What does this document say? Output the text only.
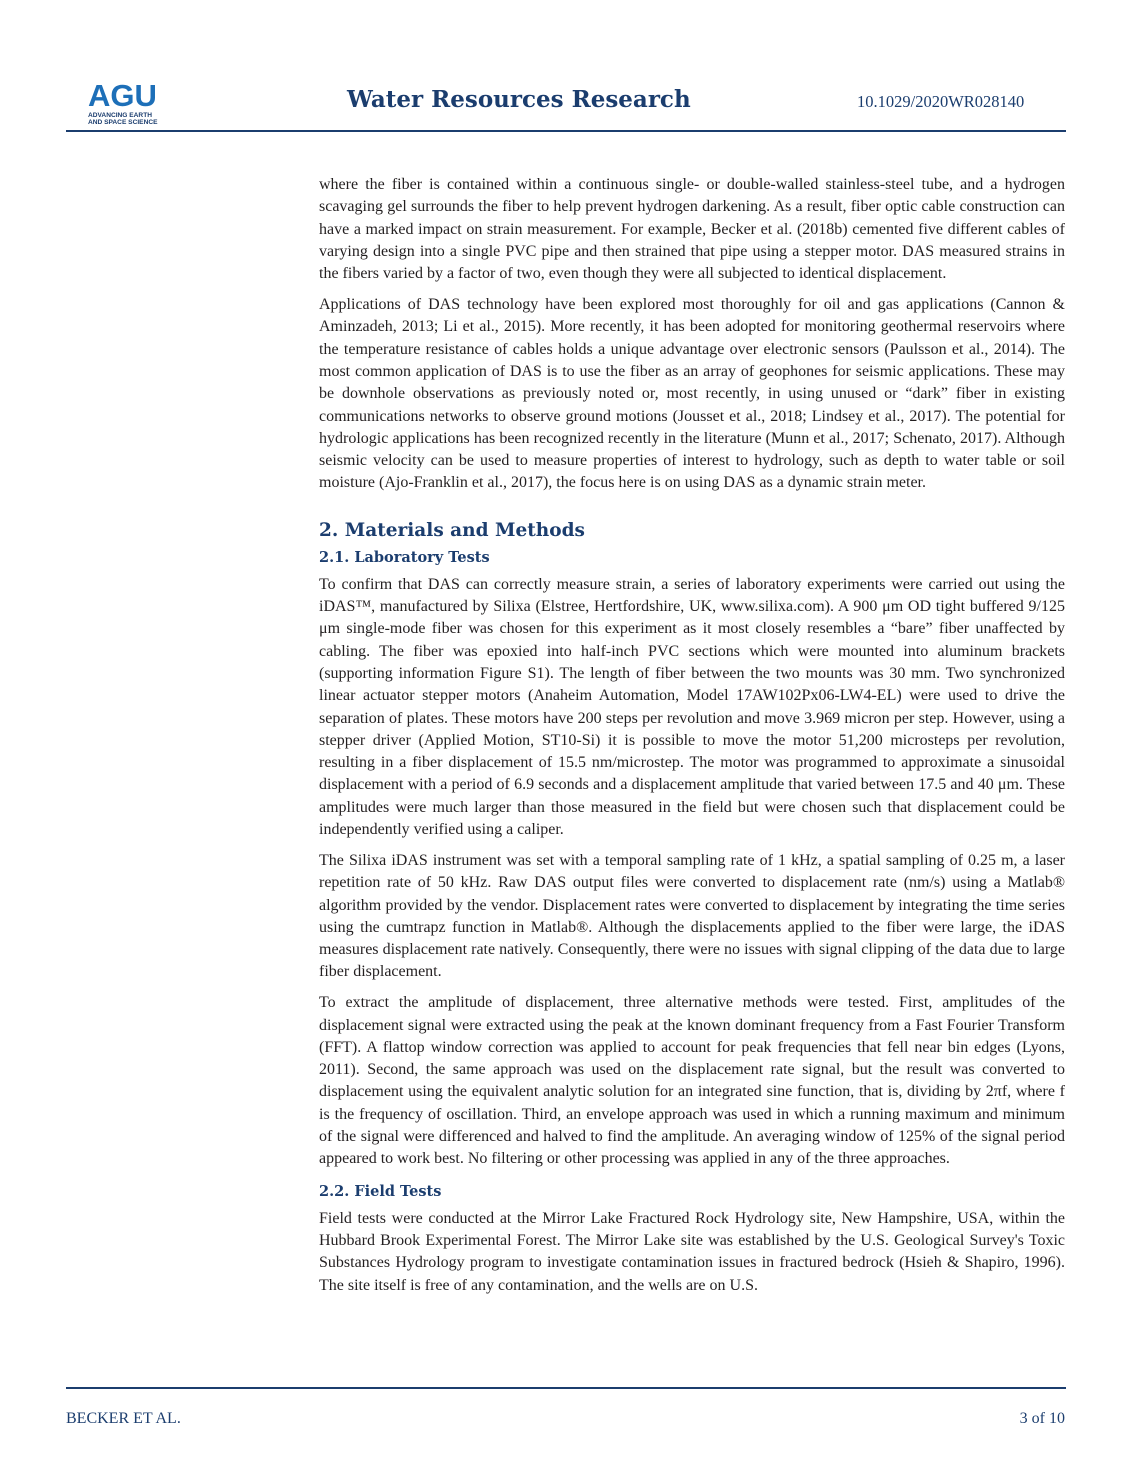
AGU
ADVANCING EARTH
AND SPACE SCIENCE
Water Resources Research	10.1029/2020WR028140

where the fiber is contained within a continuous single- or double-walled stainless-steel tube, and a hydrogen scavaging gel surrounds the fiber to help prevent hydrogen darkening. As a result, fiber optic cable construction can have a marked impact on strain measurement. For example, Becker et al. (2018b) cemented five different cables of varying design into a single PVC pipe and then strained that pipe using a stepper motor. DAS measured strains in the fibers varied by a factor of two, even though they were all subjected to identical displacement.

Applications of DAS technology have been explored most thoroughly for oil and gas applications (Cannon & Aminzadeh, 2013; Li et al., 2015). More recently, it has been adopted for monitoring geothermal reservoirs where the temperature resistance of cables holds a unique advantage over electronic sensors (Paulsson et al., 2014). The most common application of DAS is to use the fiber as an array of geophones for seismic applications. These may be downhole observations as previously noted or, most recently, in using unused or “dark” fiber in existing communications networks to observe ground motions (Jousset et al., 2018; Lindsey et al., 2017). The potential for hydrologic applications has been recognized recently in the literature (Munn et al., 2017; Schenato, 2017). Although seismic velocity can be used to measure properties of interest to hydrology, such as depth to water table or soil moisture (Ajo-Franklin et al., 2017), the focus here is on using DAS as a dynamic strain meter.

2. Materials and Methods
2.1. Laboratory Tests

To confirm that DAS can correctly measure strain, a series of laboratory experiments were carried out using the iDAS™, manufactured by Silixa (Elstree, Hertfordshire, UK, www.silixa.com). A 900 μm OD tight buffered 9/125 μm single-mode fiber was chosen for this experiment as it most closely resembles a “bare” fiber unaffected by cabling. The fiber was epoxied into half-inch PVC sections which were mounted into aluminum brackets (supporting information Figure S1). The length of fiber between the two mounts was 30 mm. Two synchronized linear actuator stepper motors (Anaheim Automation, Model 17AW102Px06-LW4-EL) were used to drive the separation of plates. These motors have 200 steps per revolution and move 3.969 micron per step. However, using a stepper driver (Applied Motion, ST10-Si) it is possible to move the motor 51,200 microsteps per revolution, resulting in a fiber displacement of 15.5 nm/microstep. The motor was programmed to approximate a sinusoidal displacement with a period of 6.9 seconds and a displacement amplitude that varied between 17.5 and 40 μm. These amplitudes were much larger than those measured in the field but were chosen such that displacement could be independently verified using a caliper.

The Silixa iDAS instrument was set with a temporal sampling rate of 1 kHz, a spatial sampling of 0.25 m, a laser repetition rate of 50 kHz. Raw DAS output files were converted to displacement rate (nm/s) using a Matlab® algorithm provided by the vendor. Displacement rates were converted to displacement by integrating the time series using the cumtrapz function in Matlab®. Although the displacements applied to the fiber were large, the iDAS measures displacement rate natively. Consequently, there were no issues with signal clipping of the data due to large fiber displacement.

To extract the amplitude of displacement, three alternative methods were tested. First, amplitudes of the displacement signal were extracted using the peak at the known dominant frequency from a Fast Fourier Transform (FFT). A flattop window correction was applied to account for peak frequencies that fell near bin edges (Lyons, 2011). Second, the same approach was used on the displacement rate signal, but the result was converted to displacement using the equivalent analytic solution for an integrated sine function, that is, dividing by 2πf, where f is the frequency of oscillation. Third, an envelope approach was used in which a running maximum and minimum of the signal were differenced and halved to find the amplitude. An averaging window of 125% of the signal period appeared to work best. No filtering or other processing was applied in any of the three approaches.

2.2. Field Tests

Field tests were conducted at the Mirror Lake Fractured Rock Hydrology site, New Hampshire, USA, within the Hubbard Brook Experimental Forest. The Mirror Lake site was established by the U.S. Geological Survey's Toxic Substances Hydrology program to investigate contamination issues in fractured bedrock (Hsieh & Shapiro, 1996). The site itself is free of any contamination, and the wells are on U.S.

BECKER ET AL.	3 of 10
